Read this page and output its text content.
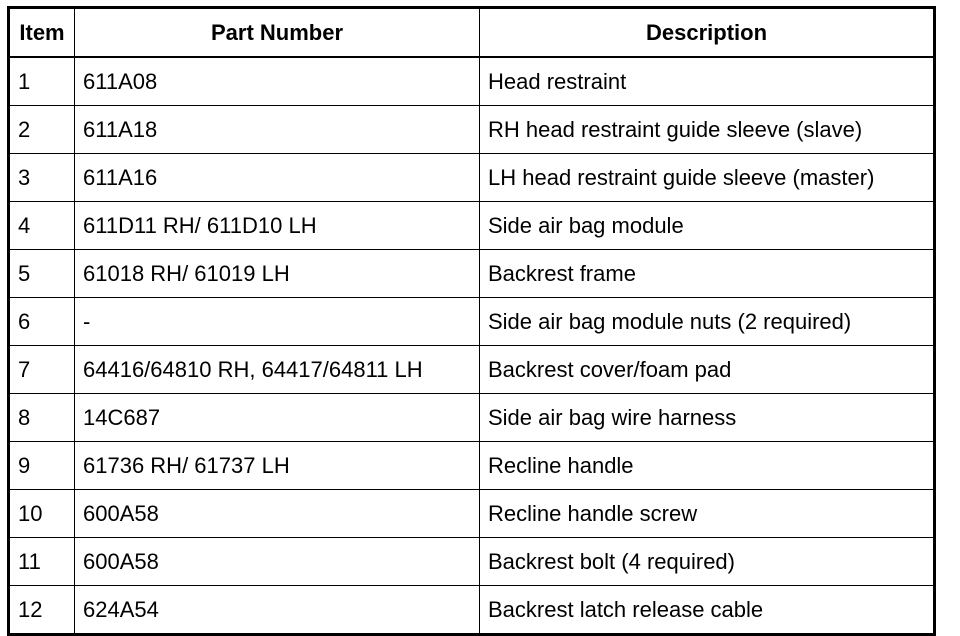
Item	Part Number	Description
1	611A08	Head restraint
2	611A18	RH head restraint guide sleeve (slave)
3	611A16	LH head restraint guide sleeve (master)
4	611D11 RH/ 611D10 LH	Side air bag module
5	61018 RH/ 61019 LH	Backrest frame
6	-	Side air bag module nuts (2 required)
7	64416/64810 RH, 64417/64811 LH	Backrest cover/foam pad
8	14C687	Side air bag wire harness
9	61736 RH/ 61737 LH	Recline handle
10	600A58	Recline handle screw
11	600A58	Backrest bolt (4 required)
12	624A54	Backrest latch release cable
